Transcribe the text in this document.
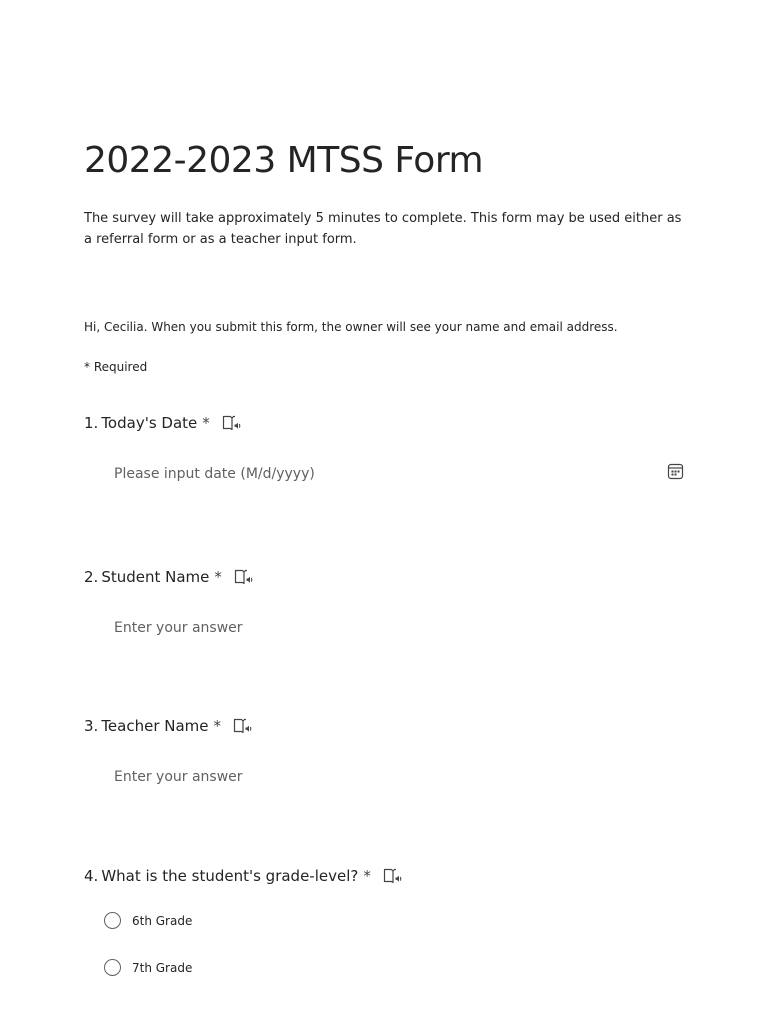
2022-2023 MTSS Form
The survey will take approximately 5 minutes to complete. This form may be used either as a referral form or as a teacher input form.
Hi, Cecilia. When you submit this form, the owner will see your name and email address.
* Required
1. Today's Date *
Please input date (M/d/yyyy)
2. Student Name *
Enter your answer
3. Teacher Name *
Enter your answer
4. What is the student's grade-level? *
6th Grade
7th Grade
